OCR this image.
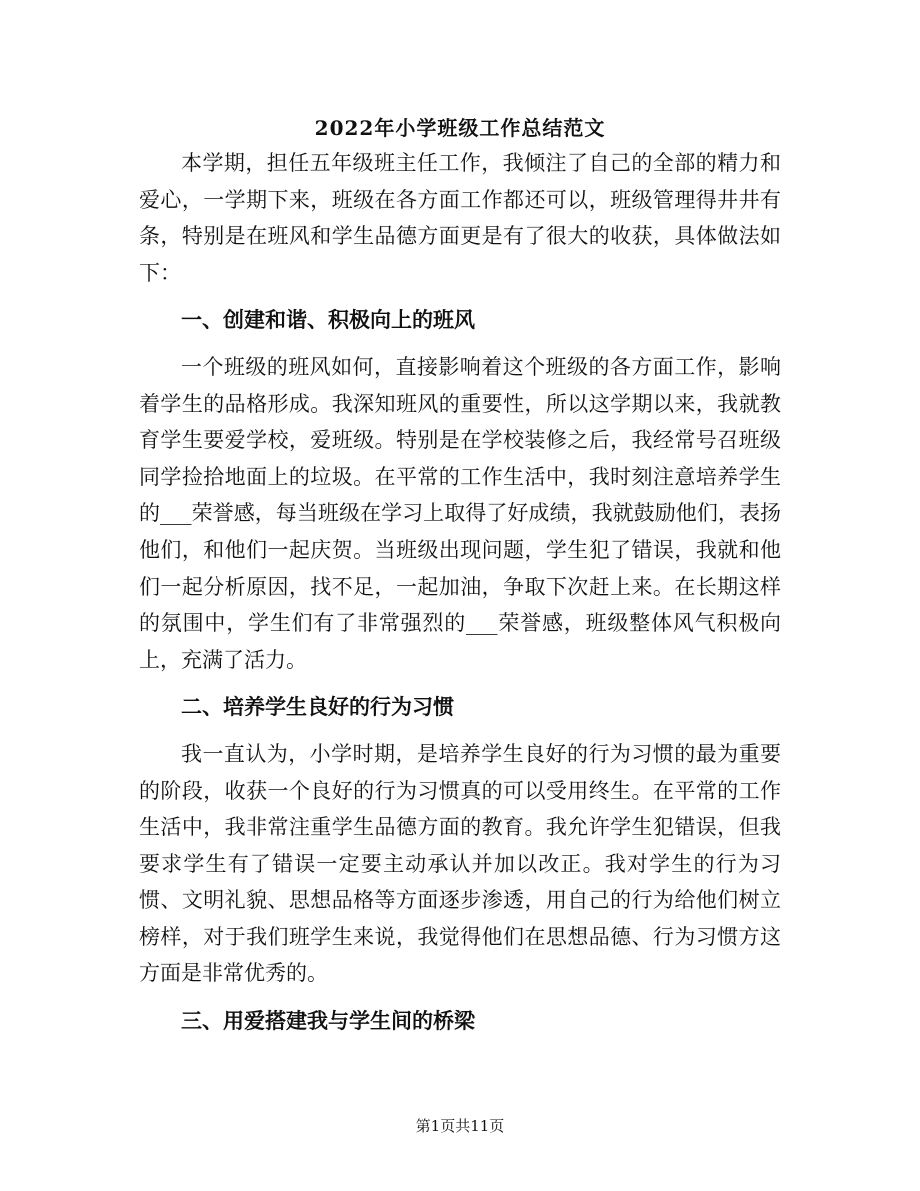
2022年小学班级工作总结范文

本学期，担任五年级班主任工作，我倾注了自己的全部的精力和爱心，一学期下来，班级在各方面工作都还可以，班级管理得井井有条，特别是在班风和学生品德方面更是有了很大的收获，具体做法如下：

一、创建和谐、积极向上的班风

一个班级的班风如何，直接影响着这个班级的各方面工作，影响着学生的品格形成。我深知班风的重要性，所以这学期以来，我就教育学生要爱学校，爱班级。特别是在学校装修之后，我经常号召班级同学捡拾地面上的垃圾。在平常的工作生活中，我时刻注意培养学生的___荣誉感，每当班级在学习上取得了好成绩，我就鼓励他们，表扬他们，和他们一起庆贺。当班级出现问题，学生犯了错误，我就和他们一起分析原因，找不足，一起加油，争取下次赶上来。在长期这样的氛围中，学生们有了非常强烈的___荣誉感，班级整体风气积极向上，充满了活力。

二、培养学生良好的行为习惯

我一直认为，小学时期，是培养学生良好的行为习惯的最为重要的阶段，收获一个良好的行为习惯真的可以受用终生。在平常的工作生活中，我非常注重学生品德方面的教育。我允许学生犯错误，但我要求学生有了错误一定要主动承认并加以改正。我对学生的行为习惯、文明礼貌、思想品格等方面逐步渗透，用自己的行为给他们树立榜样，对于我们班学生来说，我觉得他们在思想品德、行为习惯方这方面是非常优秀的。

三、用爱搭建我与学生间的桥梁

第1页共11页
